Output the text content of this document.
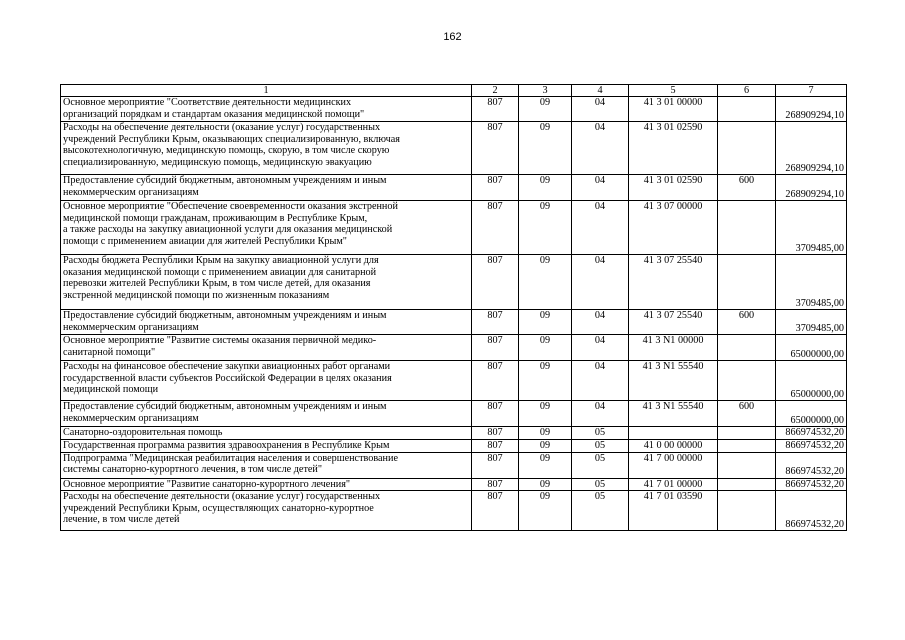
162
1	2	3	4	5	6	7
Основное мероприятие "Соответствие деятельности медицинских
организаций порядкам и стандартам оказания медицинской помощи"	807	09	04	41 3 01 00000		268909294,10
Расходы на обеспечение деятельности (оказание услуг) государственных
учреждений Республики Крым, оказывающих специализированную, включая
высокотехнологичную, медицинскую помощь, скорую, в том числе скорую
специализированную, медицинскую помощь, медицинскую эвакуацию	807	09	04	41 3 01 02590		268909294,10
Предоставление субсидий бюджетным, автономным учреждениям и иным
некоммерческим организациям	807	09	04	41 3 01 02590	600	268909294,10
Основное мероприятие "Обеспечение своевременности оказания экстренной
медицинской помощи гражданам, проживающим в Республике Крым,
а также расходы на закупку авиационной услуги для оказания медицинской
помощи с применением авиации для жителей Республики Крым"	807	09	04	41 3 07 00000		3709485,00
Расходы бюджета Республики Крым на закупку авиационной услуги для
оказания медицинской помощи с применением авиации для санитарной
перевозки жителей Республики Крым, в том числе детей, для оказания
экстренной медицинской помощи по жизненным показаниям	807	09	04	41 3 07 25540		3709485,00
Предоставление субсидий бюджетным, автономным учреждениям и иным
некоммерческим организациям	807	09	04	41 3 07 25540	600	3709485,00
Основное мероприятие "Развитие системы оказания первичной медико-
санитарной помощи"	807	09	04	41 3 N1 00000		65000000,00
Расходы на финансовое обеспечение закупки авиационных работ органами
государственной власти субъектов Российской Федерации в целях оказания
медицинской помощи	807	09	04	41 3 N1 55540		65000000,00
Предоставление субсидий бюджетным, автономным учреждениям и иным
некоммерческим организациям	807	09	04	41 3 N1 55540	600	65000000,00
Санаторно-оздоровительная помощь	807	09	05			866974532,20
Государственная программа развития здравоохранения в Республике Крым	807	09	05	41 0 00 00000		866974532,20
Подпрограмма "Медицинская реабилитация населения и совершенствование
системы санаторно-курортного лечения, в том числе детей"	807	09	05	41 7 00 00000		866974532,20
Основное мероприятие "Развитие санаторно-курортного лечения"	807	09	05	41 7 01 00000		866974532,20
Расходы на обеспечение деятельности (оказание услуг) государственных
учреждений Республики Крым, осуществляющих санаторно-курортное
лечение, в том числе детей	807	09	05	41 7 01 03590		866974532,20
